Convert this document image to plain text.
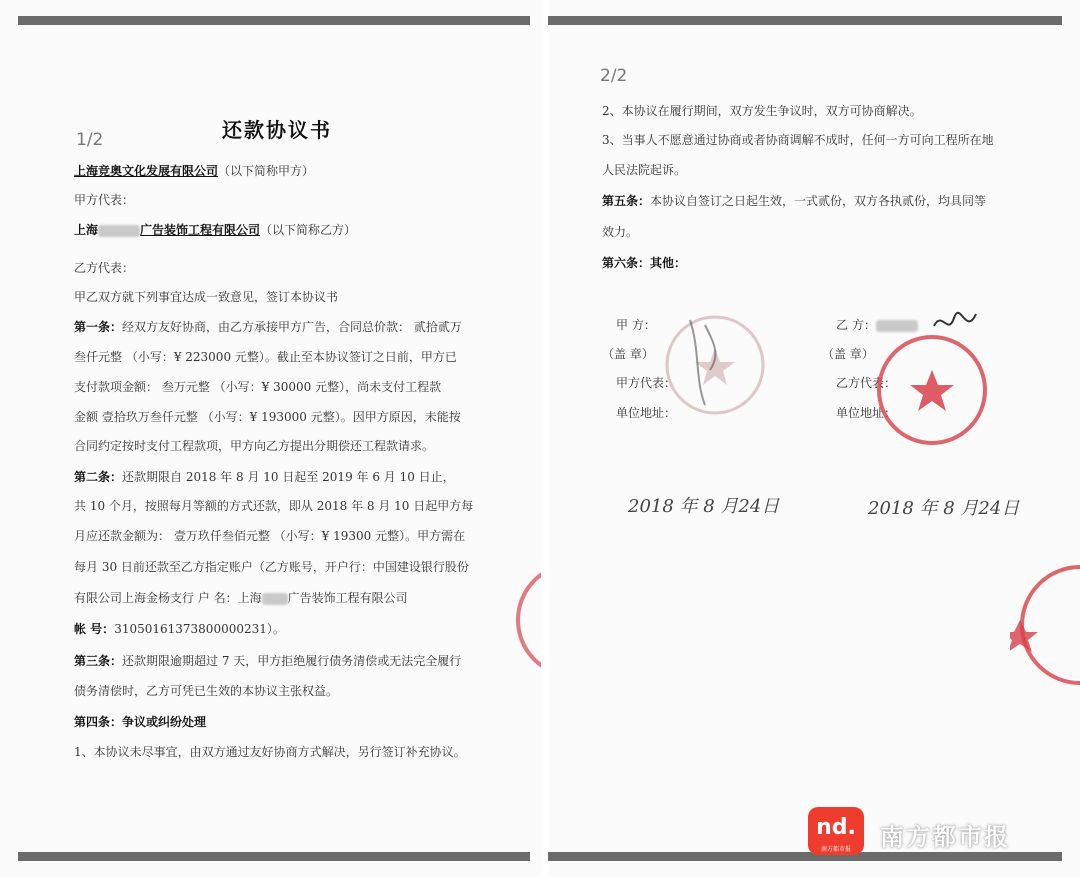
还款协议书
1/2
上海竞奥文化发展有限公司（以下简称甲方）
甲方代表：
上海	广告装饰工程有限公司（以下简称乙方）
乙方代表：
甲乙双方就下列事宜达成一致意见，签订本协议书
第一条：经双方友好协商，由乙方承接甲方广告，合同总价款： 贰拾贰万
叁仟元整 （小写：¥ 223000 元整）。截止至本协议签订之日前，甲方已
支付款项金额： 叁万元整 （小写：¥ 30000 元整），尚未支付工程款
金额 壹拾玖万叁仟元整 （小写：¥ 193000 元整）。因甲方原因，未能按
合同约定按时支付工程款项，甲方向乙方提出分期偿还工程款请求。
第二条：还款期限自 2018 年 8 月 10 日起至 2019 年 6 月 10 日止，
共 10 个月，按照每月等额的方式还款，即从 2018 年 8 月 10 日起甲方每
月应还款金额为： 壹万玖仟叁佰元整 （小写：¥ 19300 元整）。甲方需在
每月 30 日前还款至乙方指定账户（乙方账号，开户行：中国建设银行股份
有限公司上海金杨支行 户 名：上海 广告装饰工程有限公司
帐 号：31050161373800000231）。
第三条：还款期限逾期超过 7 天，甲方拒绝履行债务清偿或无法完全履行
债务清偿时，乙方可凭已生效的本协议主张权益。
第四条：争议或纠纷处理
1、本协议未尽事宜，由双方通过友好协商方式解决，另行签订补充协议。
2/2
2、本协议在履行期间，双方发生争议时，双方可协商解决。
3、当事人不愿意通过协商或者协商调解不成时，任何一方可向工程所在地
人民法院起诉。
第五条：本协议自签订之日起生效，一式贰份，双方各执贰份，均具同等
效力。
第六条：其他：
甲 方：
（盖 章）
甲方代表：
单位地址：
乙 方：
（盖 章）
乙方代表：
单位地址：
2018 年 8 月24日	2018 年 8 月24日
nd.
南方都市报	南方都市报
